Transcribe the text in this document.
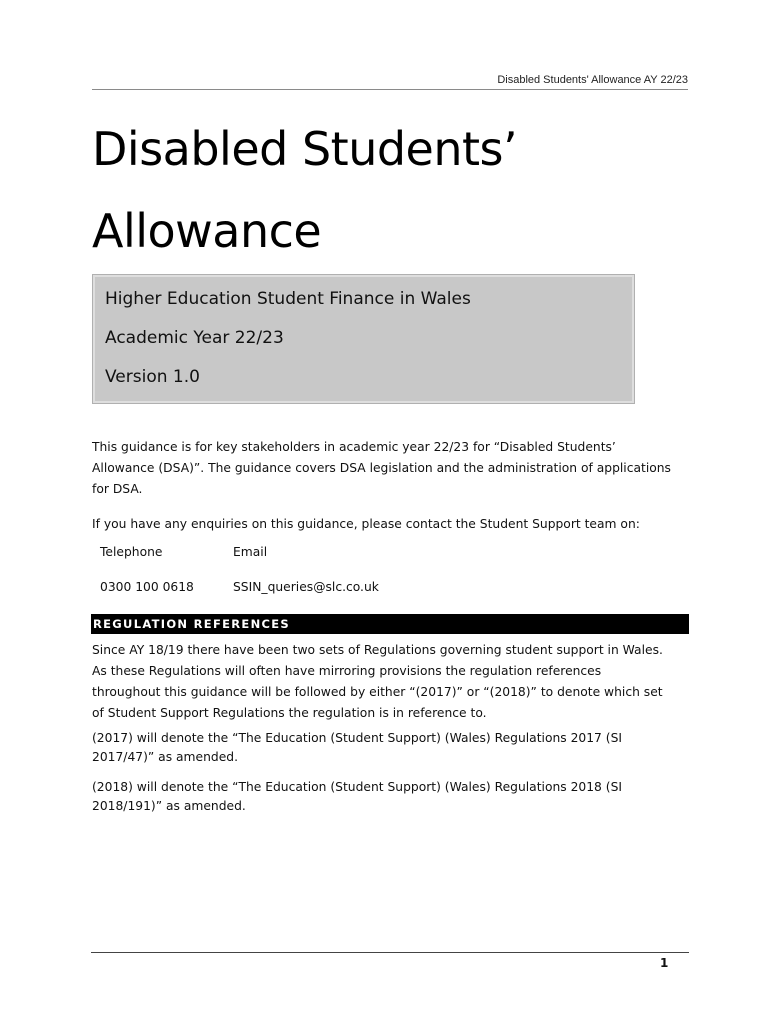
Disabled Students' Allowance AY 22/23
Disabled Students’
Allowance
Higher Education Student Finance in Wales
Academic Year 22/23
Version 1.0

This guidance is for key stakeholders in academic year 22/23 for “Disabled Students’
Allowance (DSA)”. The guidance covers DSA legislation and the administration of applications
for DSA.

If you have any enquiries on this guidance, please contact the Student Support team on:

Telephone	Email
0300 100 0618	SSIN_queries@slc.co.uk
REGULATION REFERENCES

Since AY 18/19 there have been two sets of Regulations governing student support in Wales.
As these Regulations will often have mirroring provisions the regulation references
throughout this guidance will be followed by either “(2017)” or “(2018)” to denote which set
of Student Support Regulations the regulation is in reference to.

(2017) will denote the “The Education (Student Support) (Wales) Regulations 2017 (SI
2017/47)” as amended.

(2018) will denote the “The Education (Student Support) (Wales) Regulations 2018 (SI
2018/191)” as amended.

1
